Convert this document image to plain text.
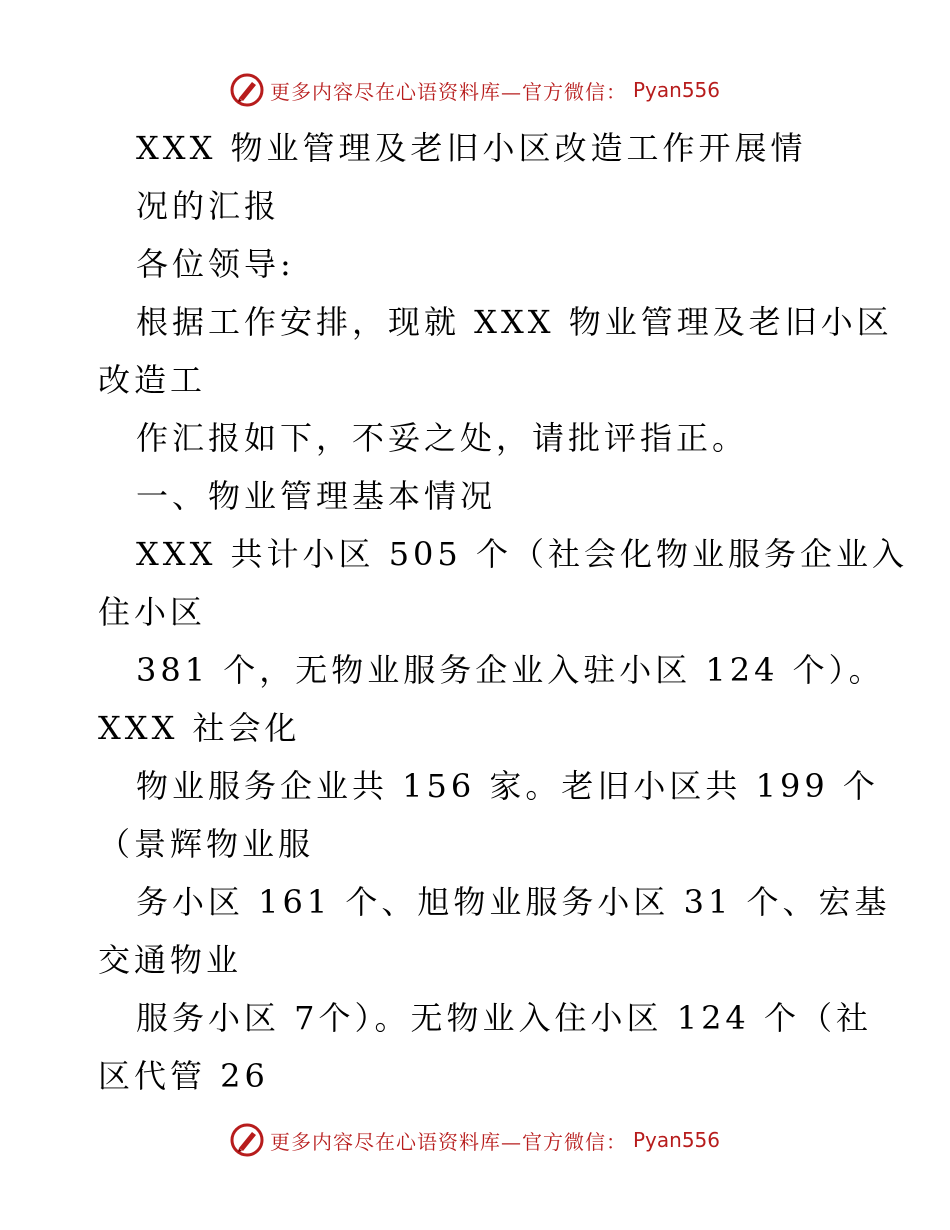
更多内容尽在心语资料库—官方微信： Pyan556
XXX 物业管理及老旧小区改造工作开展情
况的汇报
各位领导:
根据工作安排，现就 XXX 物业管理及老旧小区
改造工
作汇报如下，不妥之处，请批评指正。
一、物业管理基本情况
XXX 共计小区 505 个（社会化物业服务企业入
住小区
381 个，无物业服务企业入驻小区 124 个）。
XXX 社会化
物业服务企业共 156 家。老旧小区共 199 个
（景辉物业服
务小区 161 个、旭物业服务小区 31 个、宏基
交通物业
服务小区 7个）。无物业入住小区 124 个（社
区代管 26
更多内容尽在心语资料库—官方微信： Pyan556
